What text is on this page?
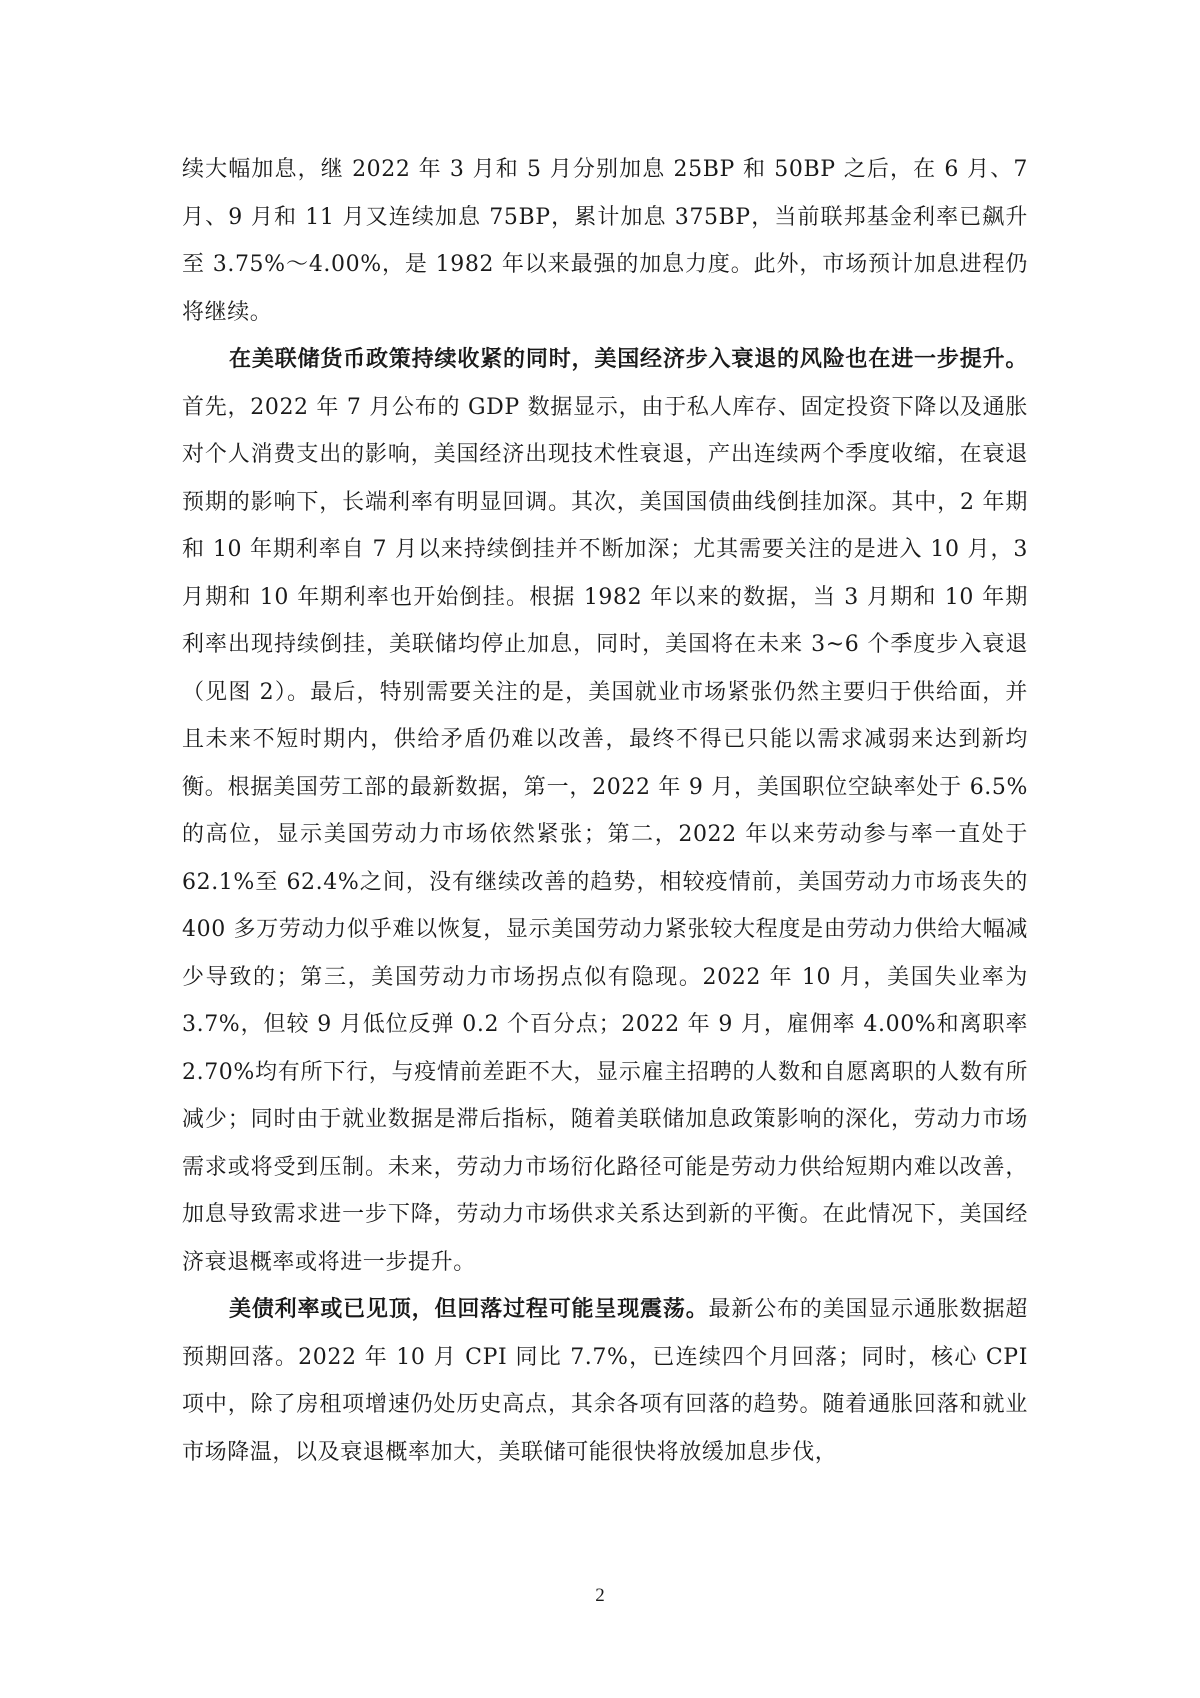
续大幅加息，继 2022 年 3 月和 5 月分别加息 25BP 和 50BP 之后，在 6 月、7 月、9 月和 11 月又连续加息 75BP，累计加息 375BP，当前联邦基金利率已飙升至 3.75%～4.00%，是 1982 年以来最强的加息力度。此外，市场预计加息进程仍将继续。

在美联储货币政策持续收紧的同时，美国经济步入衰退的风险也在进一步提升。首先，2022 年 7 月公布的 GDP 数据显示，由于私人库存、固定投资下降以及通胀对个人消费支出的影响，美国经济出现技术性衰退，产出连续两个季度收缩，在衰退预期的影响下，长端利率有明显回调。其次，美国国债曲线倒挂加深。其中，2 年期和 10 年期利率自 7 月以来持续倒挂并不断加深；尤其需要关注的是进入 10 月，3 月期和 10 年期利率也开始倒挂。根据 1982 年以来的数据，当 3 月期和 10 年期利率出现持续倒挂，美联储均停止加息，同时，美国将在未来 3~6 个季度步入衰退（见图 2）。最后，特别需要关注的是，美国就业市场紧张仍然主要归于供给面，并且未来不短时期内，供给矛盾仍难以改善，最终不得已只能以需求减弱来达到新均衡。根据美国劳工部的最新数据，第一，2022 年 9 月，美国职位空缺率处于 6.5%的高位，显示美国劳动力市场依然紧张；第二，2022 年以来劳动参与率一直处于 62.1%至 62.4%之间，没有继续改善的趋势，相较疫情前，美国劳动力市场丧失的 400 多万劳动力似乎难以恢复，显示美国劳动力紧张较大程度是由劳动力供给大幅减少导致的；第三，美国劳动力市场拐点似有隐现。2022 年 10 月，美国失业率为 3.7%，但较 9 月低位反弹 0.2 个百分点；2022 年 9 月，雇佣率 4.00%和离职率 2.70%均有所下行，与疫情前差距不大，显示雇主招聘的人数和自愿离职的人数有所减少；同时由于就业数据是滞后指标，随着美联储加息政策影响的深化，劳动力市场需求或将受到压制。未来，劳动力市场衍化路径可能是劳动力供给短期内难以改善，加息导致需求进一步下降，劳动力市场供求关系达到新的平衡。在此情况下，美国经济衰退概率或将进一步提升。

美债利率或已见顶，但回落过程可能呈现震荡。最新公布的美国显示通胀数据超预期回落。2022 年 10 月 CPI 同比 7.7%，已连续四个月回落；同时，核心 CPI 项中，除了房租项增速仍处历史高点，其余各项有回落的趋势。随着通胀回落和就业市场降温，以及衰退概率加大，美联储可能很快将放缓加息步伐，

2
